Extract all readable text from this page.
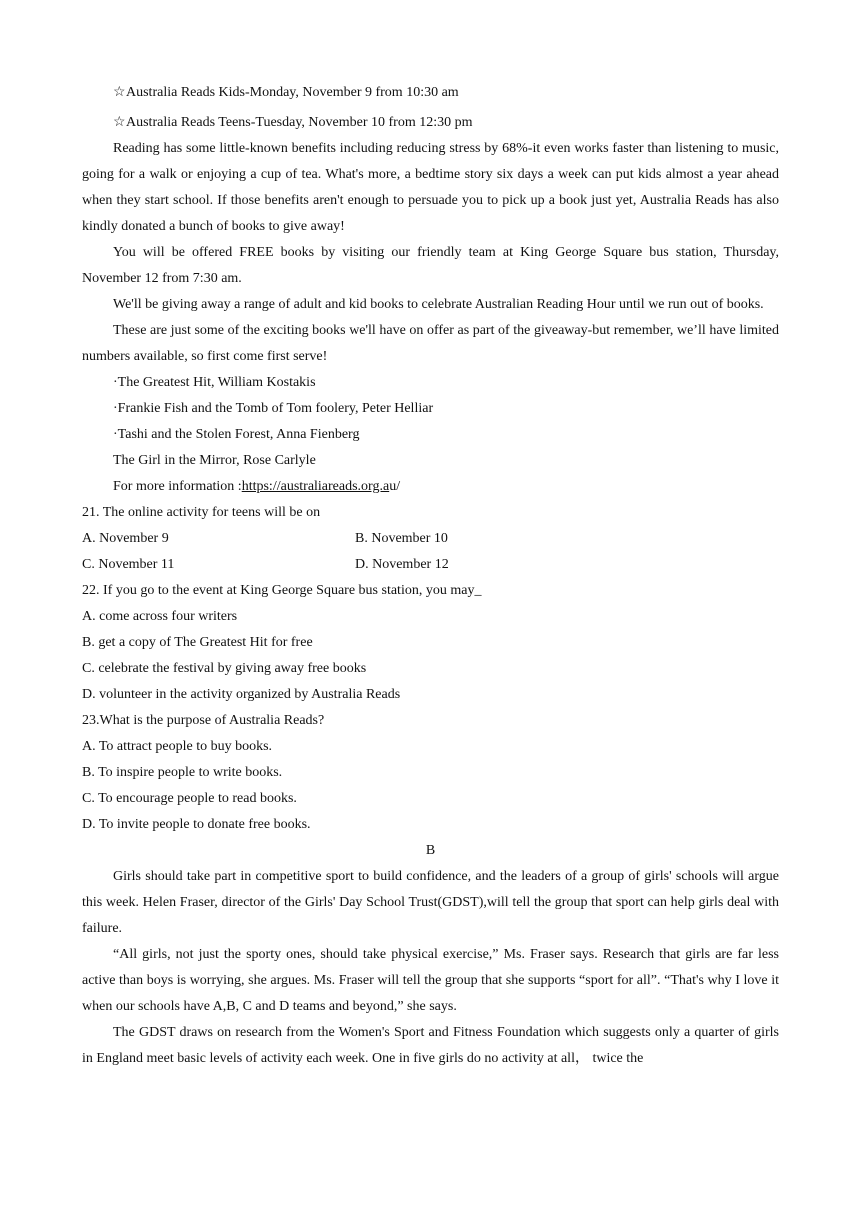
☆Australia Reads Kids-Monday, November 9 from 10:30 am
☆Australia Reads Teens-Tuesday, November 10 from 12:30 pm

Reading has some little-known benefits including reducing stress by 68%-it even works faster than listening to music, going for a walk or enjoying a cup of tea. What's more, a bedtime story six days a week can put kids almost a year ahead when they start school. If those benefits aren't enough to persuade you to pick up a book just yet, Australia Reads has also kindly donated a bunch of books to give away!

You will be offered FREE books by visiting our friendly team at King George Square bus station, Thursday, November 12 from 7:30 am.

We'll be giving away a range of adult and kid books to celebrate Australian Reading Hour until we run out of books.

These are just some of the exciting books we'll have on offer as part of the giveaway-but remember, we’ll have limited numbers available, so first come first serve!

·The Greatest Hit, William Kostakis
·Frankie Fish and the Tomb of Tom foolery, Peter Helliar
·Tashi and the Stolen Forest, Anna Fienberg
The Girl in the Mirror, Rose Carlyle
For more information :https://australiareads.org.au/
21. The online activity for teens will be on
A. November 9	B. November 10
C. November 11	D. November 12
22. If you go to the event at King George Square bus station, you may_
A. come across four writers
B. get a copy of The Greatest Hit for free
C. celebrate the festival by giving away free books
D. volunteer in the activity organized by Australia Reads
23.What is the purpose of Australia Reads?
A. To attract people to buy books.
B. To inspire people to write books.
C. To encourage people to read books.
D. To invite people to donate free books.
B

Girls should take part in competitive sport to build confidence, and the leaders of a group of girls' schools will argue this week. Helen Fraser, director of the Girls' Day School Trust(GDST),will tell the group that sport can help girls deal with failure.

“All girls, not just the sporty ones, should take physical exercise,” Ms. Fraser says. Research that girls are far less active than boys is worrying, she argues. Ms. Fraser will tell the group that she supports “sport for all”. “That's why I love it when our schools have A,B, C and D teams and beyond,” she says.

The GDST draws on research from the Women's Sport and Fitness Foundation which suggests only a quarter of girls in England meet basic levels of activity each week. One in five girls do no activity at all， twice the
